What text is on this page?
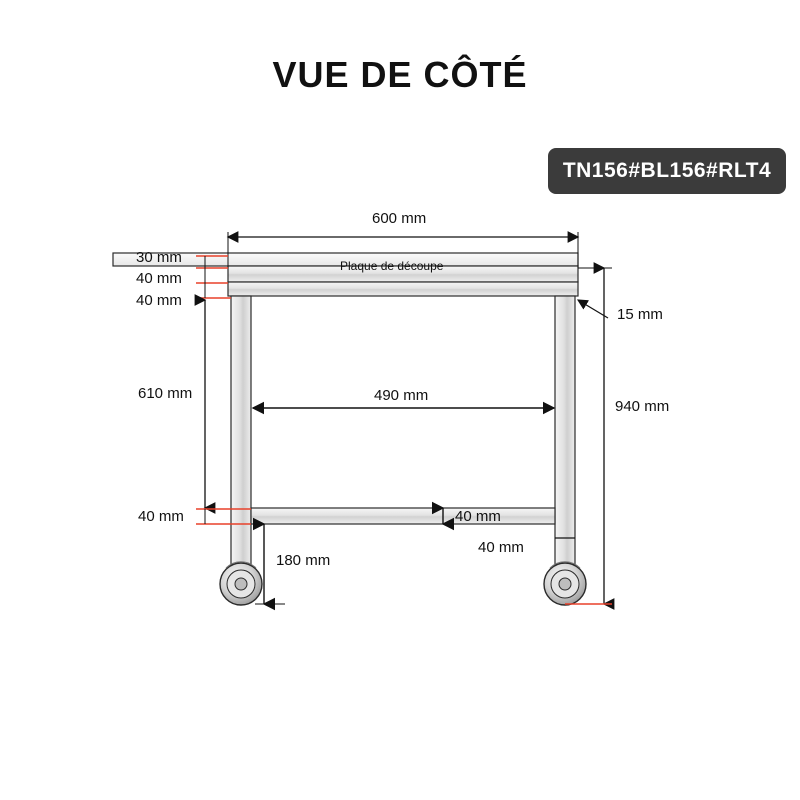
VUE DE CÔTÉ
TN156#BL156#RLT4
600 mm
30 mm
40 mm
40 mm
Plaque de découpe
15 mm
610 mm	490 mm
940 mm
40 mm	40 mm
40 mm
180 mm
